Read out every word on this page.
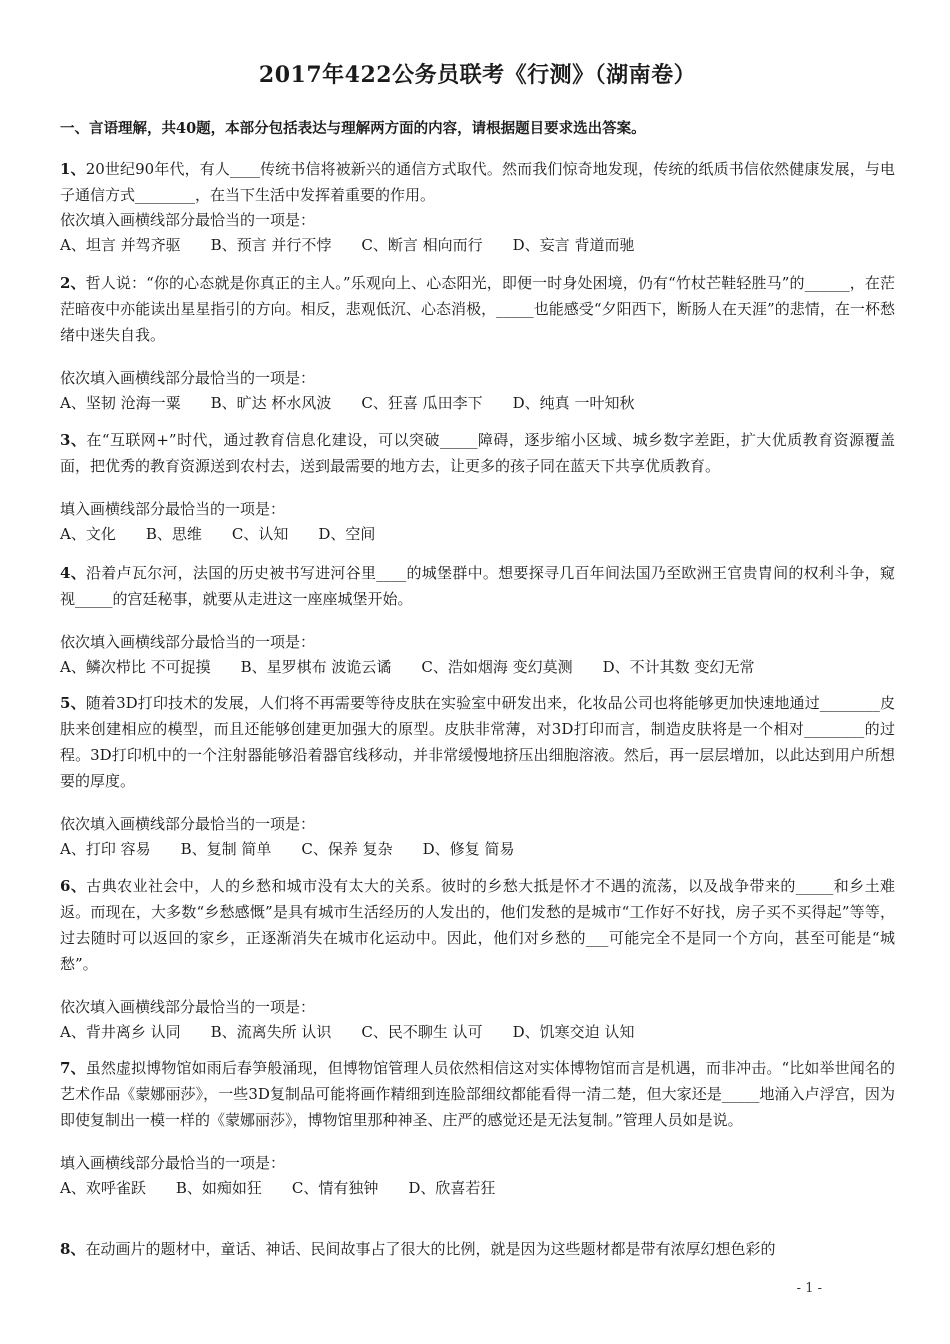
2017年422公务员联考《行测》（湖南卷）
一、言语理解，共40题，本部分包括表达与理解两方面的内容，请根据题目要求选出答案。
1、20世纪90年代，有人____传统书信将被新兴的通信方式取代。然而我们惊奇地发现，传统的纸质书信依然健康发展，与电子通信方式________，在当下生活中发挥着重要的作用。
依次填入画横线部分最恰当的一项是：
A、坦言 并驾齐驱 B、预言 并行不悖 C、断言 相向而行 D、妄言 背道而驰
2、哲人说：“你的心态就是你真正的主人。”乐观向上、心态阳光，即便一时身处困境，仍有“竹杖芒鞋轻胜马”的______，在茫茫暗夜中亦能读出星星指引的方向。相反，悲观低沉、心态消极，_____也能感受“夕阳西下，断肠人在天涯”的悲情，在一杯愁绪中迷失自我。
依次填入画横线部分最恰当的一项是：
A、坚韧 沧海一粟 B、旷达 杯水风波 C、狂喜 瓜田李下 D、纯真 一叶知秋
3、在“互联网+”时代，通过教育信息化建设，可以突破_____障碍，逐步缩小区域、城乡数字差距，扩大优质教育资源覆盖面，把优秀的教育资源送到农村去，送到最需要的地方去，让更多的孩子同在蓝天下共享优质教育。
填入画横线部分最恰当的一项是：
A、文化 B、思维 C、认知 D、空间
4、沿着卢瓦尔河，法国的历史被书写进河谷里____的城堡群中。想要探寻几百年间法国乃至欧洲王官贵胄间的权利斗争，窥视_____的宫廷秘事，就要从走进这一座座城堡开始。
依次填入画横线部分最恰当的一项是：
A、鳞次栉比 不可捉摸 B、星罗棋布 波诡云谲 C、浩如烟海 变幻莫测 D、不计其数 变幻无常
5、随着3D打印技术的发展，人们将不再需要等待皮肤在实验室中研发出来，化妆品公司也将能够更加快速地通过________皮肤来创建相应的模型，而且还能够创建更加强大的原型。皮肤非常薄，对3D打印而言，制造皮肤将是一个相对________的过程。3D打印机中的一个注射器能够沿着器官线移动，并非常缓慢地挤压出细胞溶液。然后，再一层层增加，以此达到用户所想要的厚度。
依次填入画横线部分最恰当的一项是：
A、打印 容易 B、复制 简单 C、保养 复杂 D、修复 简易
6、古典农业社会中，人的乡愁和城市没有太大的关系。彼时的乡愁大抵是怀才不遇的流荡，以及战争带来的_____和乡土难返。而现在，大多数“乡愁感慨”是具有城市生活经历的人发出的，他们发愁的是城市“工作好不好找，房子买不买得起”等等，过去随时可以返回的家乡，正逐渐消失在城市化运动中。因此，他们对乡愁的___可能完全不是同一个方向，甚至可能是“城愁”。
依次填入画横线部分最恰当的一项是：
A、背井离乡 认同 B、流离失所 认识 C、民不聊生 认可 D、饥寒交迫 认知
7、虽然虚拟博物馆如雨后春笋般涌现，但博物馆管理人员依然相信这对实体博物馆而言是机遇，而非冲击。“比如举世闻名的艺术作品《蒙娜丽莎》，一些3D复制品可能将画作精细到连脸部细纹都能看得一清二楚，但大家还是_____地涌入卢浮宫，因为即使复制出一模一样的《蒙娜丽莎》，博物馆里那种神圣、庄严的感觉还是无法复制。”管理人员如是说。
填入画横线部分最恰当的一项是：
A、欢呼雀跃 B、如痴如狂 C、情有独钟 D、欣喜若狂
8、在动画片的题材中，童话、神话、民间故事占了很大的比例，就是因为这些题材都是带有浓厚幻想色彩的
- 1 -
